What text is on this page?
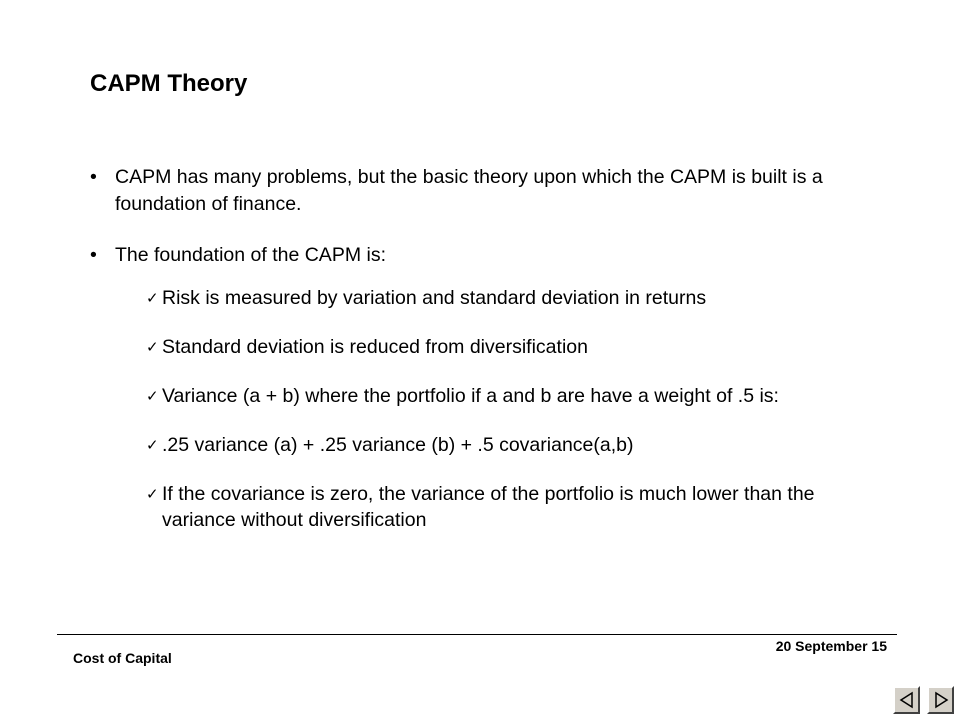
CAPM Theory
• CAPM has many problems, but the basic theory upon which the CAPM is built is a foundation of finance.
• The foundation of the CAPM is:
✓ Risk is measured by variation and standard deviation in returns
✓ Standard deviation is reduced from diversification
✓ Variance (a + b) where the portfolio if a and b are have a weight of .5 is:
✓ .25 variance (a) + .25 variance (b) + .5 covariance(a,b)
✓ If the covariance is zero, the variance of the portfolio is much lower than the variance without diversification
Cost of Capital
20 September 15
